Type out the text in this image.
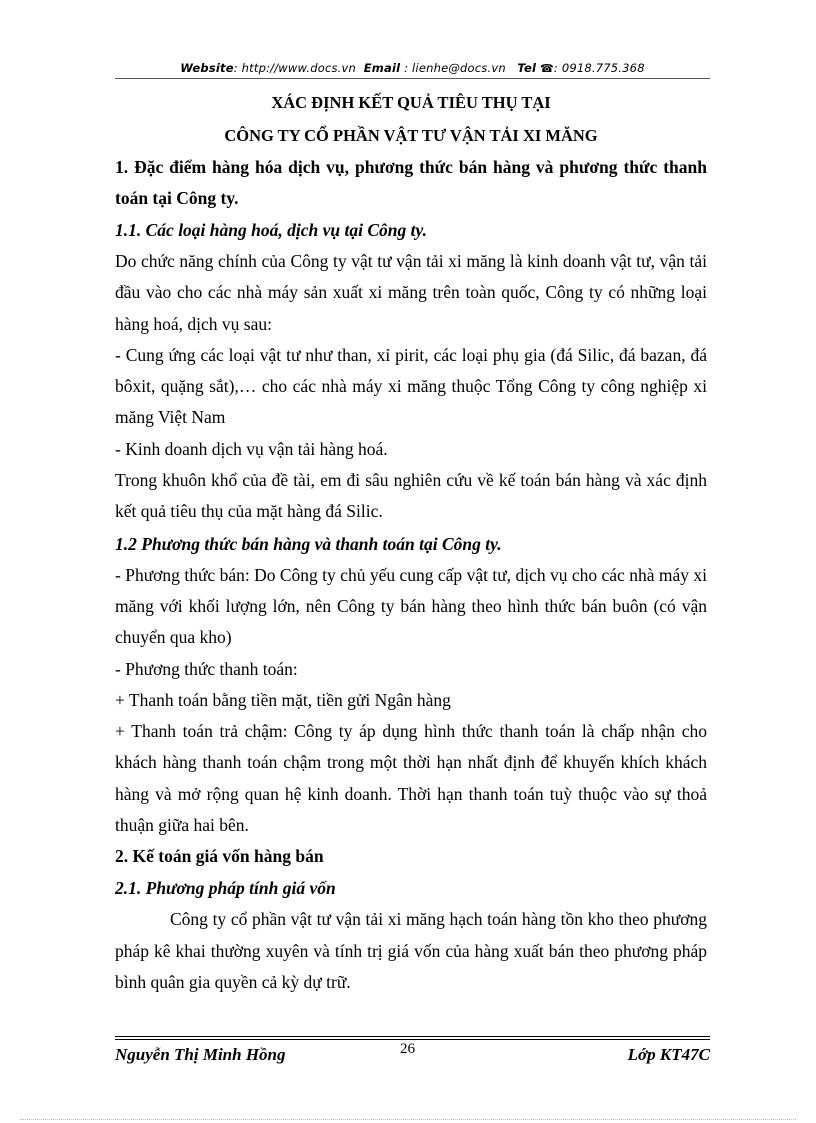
Website: http://www.docs.vn Email : lienhe@docs.vn Tel ☎: 0918.775.368

XÁC ĐỊNH KẾT QUẢ TIÊU THỤ TẠI

CÔNG TY CỔ PHẦN VẬT TƯ VẬN TẢI XI MĂNG

1. Đặc điểm hàng hóa dịch vụ, phương thức bán hàng và phương thức thanh toán tại Công ty.

1.1. Các loại hàng hoá, dịch vụ tại Công ty.

Do chức năng chính của Công ty vật tư vận tải xi măng là kinh doanh vật tư, vận tải đầu vào cho các nhà máy sản xuất xi măng trên toàn quốc, Công ty có những loại hàng hoá, dịch vụ sau:

- Cung ứng các loại vật tư như than, xỉ pirit, các loại phụ gia (đá Silic, đá bazan, đá bôxit, quặng sắt),… cho các nhà máy xi măng thuộc Tổng Công ty công nghiệp xi măng Việt Nam

- Kinh doanh dịch vụ vận tải hàng hoá.

Trong khuôn khổ của đề tài, em đi sâu nghiên cứu về kế toán bán hàng và xác định kết quả tiêu thụ của mặt hàng đá Silic.

1.2 Phương thức bán hàng và thanh toán tại Công ty.

- Phương thức bán: Do Công ty chủ yếu cung cấp vật tư, dịch vụ cho các nhà máy xi măng với khối lượng lớn, nên Công ty bán hàng theo hình thức bán buôn (có vận chuyển qua kho)

- Phương thức thanh toán:

+ Thanh toán bằng tiền mặt, tiền gửi Ngân hàng

+ Thanh toán trả chậm: Công ty áp dụng hình thức thanh toán là chấp nhận cho khách hàng thanh toán chậm trong một thời hạn nhất định để khuyến khích khách hàng và mở rộng quan hệ kinh doanh. Thời hạn thanh toán tuỳ thuộc vào sự thoả thuận giữa hai bên.

2. Kế toán giá vốn hàng bán

2.1. Phương pháp tính giá vốn

Công ty cổ phần vật tư vận tải xi măng hạch toán hàng tồn kho theo phương pháp kê khai thường xuyên và tính trị giá vốn của hàng xuất bán theo phương pháp bình quân gia quyền cả kỳ dự trữ.

Nguyễn Thị Minh Hồng	26	Lớp KT47C
